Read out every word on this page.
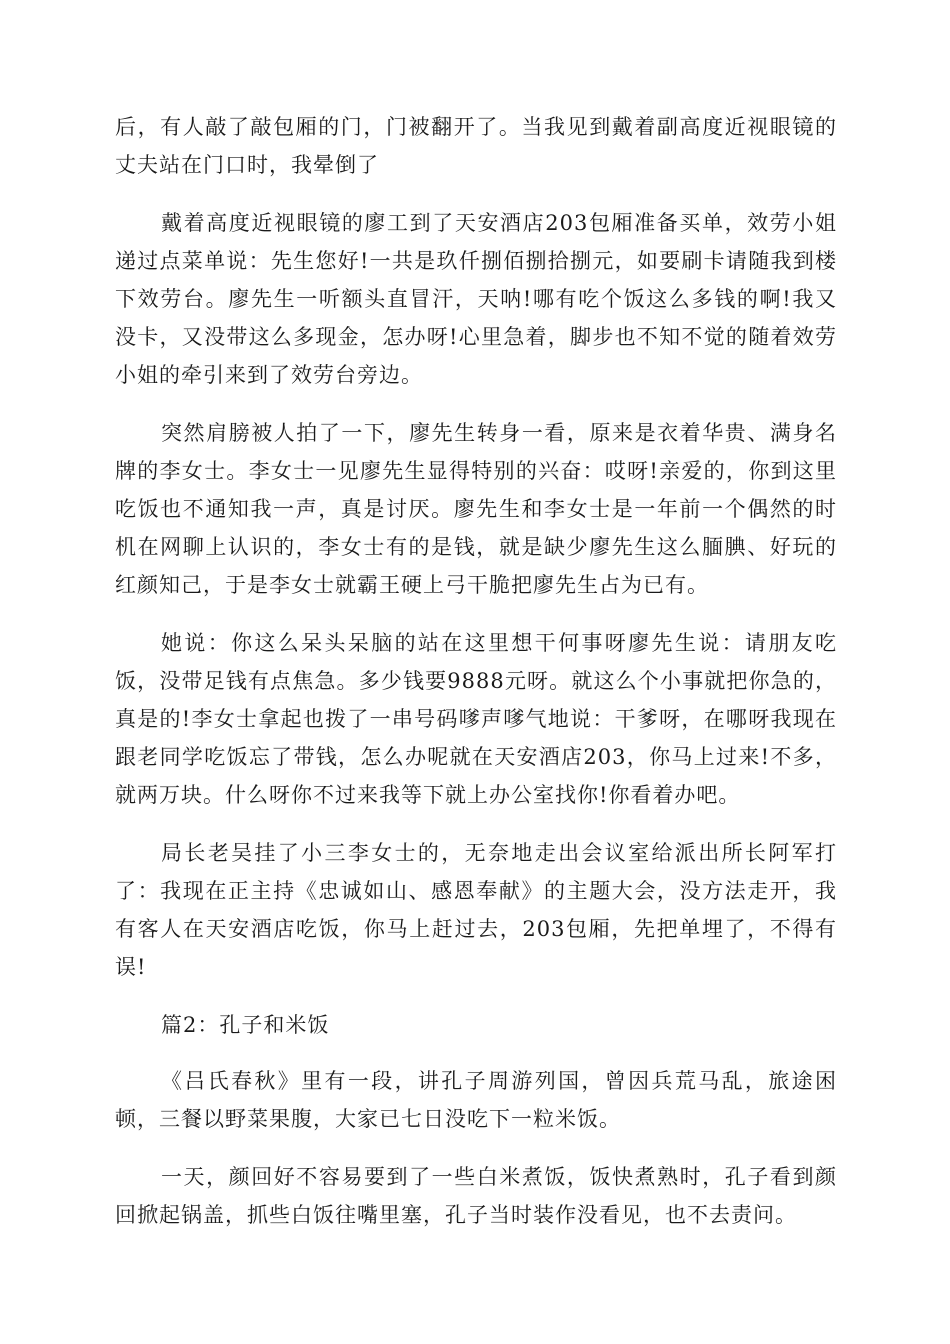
后，有人敲了敲包厢的门，门被翻开了。当我见到戴着副高度近视眼镜的丈夫站在门口时，我晕倒了

戴着高度近视眼镜的廖工到了天安酒店203包厢准备买单，效劳小姐递过点菜单说：先生您好!一共是玖仟捌佰捌拾捌元，如要刷卡请随我到楼下效劳台。廖先生一听额头直冒汗，天呐!哪有吃个饭这么多钱的啊!我又没卡，又没带这么多现金，怎办呀!心里急着，脚步也不知不觉的随着效劳小姐的牵引来到了效劳台旁边。

突然肩膀被人拍了一下，廖先生转身一看，原来是衣着华贵、满身名牌的李女士。李女士一见廖先生显得特别的兴奋：哎呀!亲爱的，你到这里吃饭也不通知我一声，真是讨厌。廖先生和李女士是一年前一个偶然的时机在网聊上认识的，李女士有的是钱，就是缺少廖先生这么腼腆、好玩的红颜知己，于是李女士就霸王硬上弓干脆把廖先生占为已有。

她说：你这么呆头呆脑的站在这里想干何事呀廖先生说：请朋友吃饭，没带足钱有点焦急。多少钱要9888元呀。就这么个小事就把你急的，真是的!李女士拿起也拨了一串号码嗲声嗲气地说：干爹呀，在哪呀我现在跟老同学吃饭忘了带钱，怎么办呢就在天安酒店203，你马上过来!不多，就两万块。什么呀你不过来我等下就上办公室找你!你看着办吧。

局长老吴挂了小三李女士的，无奈地走出会议室给派出所长阿军打了：我现在正主持《忠诚如山、感恩奉献》的主题大会，没方法走开，我有客人在天安酒店吃饭，你马上赶过去，203包厢，先把单埋了，不得有误!

篇2：孔子和米饭

《吕氏春秋》里有一段，讲孔子周游列国，曾因兵荒马乱，旅途困顿，三餐以野菜果腹，大家已七日没吃下一粒米饭。

一天，颜回好不容易要到了一些白米煮饭，饭快煮熟时，孔子看到颜回掀起锅盖，抓些白饭往嘴里塞，孔子当时装作没看见，也不去责问。
